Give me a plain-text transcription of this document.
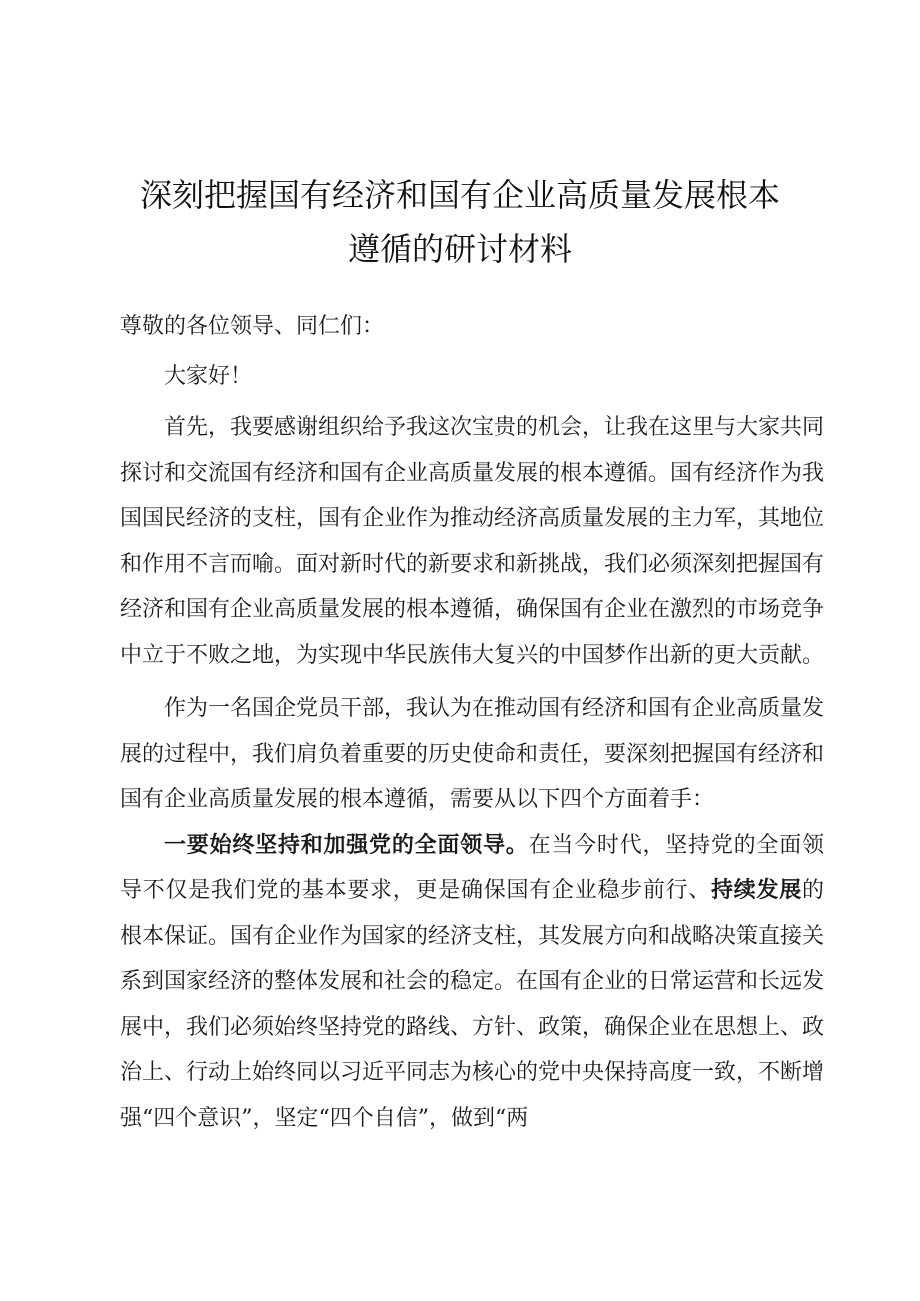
深刻把握国有经济和国有企业高质量发展根本
遵循的研讨材料

尊敬的各位领导、同仁们：

大家好！

首先，我要感谢组织给予我这次宝贵的机会，让我在这里与大家共同探讨和交流国有经济和国有企业高质量发展的根本遵循。国有经济作为我国国民经济的支柱，国有企业作为推动经济高质量发展的主力军，其地位和作用不言而喻。面对新时代的新要求和新挑战，我们必须深刻把握国有经济和国有企业高质量发展的根本遵循，确保国有企业在激烈的市场竞争中立于不败之地，为实现中华民族伟大复兴的中国梦作出新的更大贡献。

作为一名国企党员干部，我认为在推动国有经济和国有企业高质量发展的过程中，我们肩负着重要的历史使命和责任，要深刻把握国有经济和国有企业高质量发展的根本遵循，需要从以下四个方面着手：

一要始终坚持和加强党的全面领导。在当今时代，坚持党的全面领导不仅是我们党的基本要求，更是确保国有企业稳步前行、持续发展的根本保证。国有企业作为国家的经济支柱，其发展方向和战略决策直接关系到国家经济的整体发展和社会的稳定。在国有企业的日常运营和长远发展中，我们必须始终坚持党的路线、方针、政策，确保企业在思想上、政治上、行动上始终同以习近平同志为核心的党中央保持高度一致，不断增强“四个意识”，坚定“四个自信”，做到“两
